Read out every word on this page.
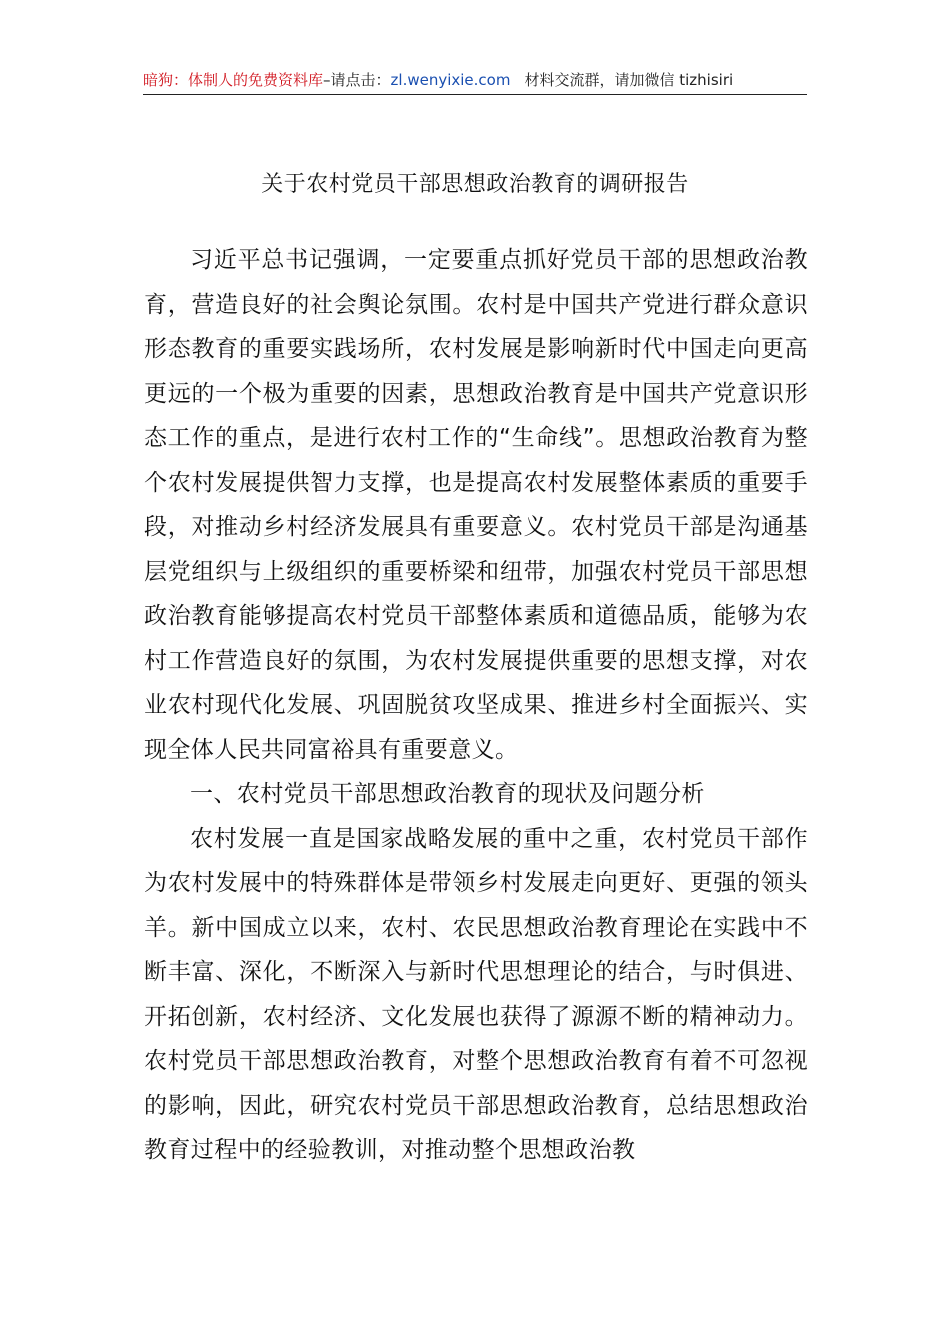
暗狗：体制人的免费资料库–请点击：zl.wenyixie.com 材料交流群，请加微信 tizhisiri
关于农村党员干部思想政治教育的调研报告

习近平总书记强调，一定要重点抓好党员干部的思想政治教育，营造良好的社会舆论氛围。农村是中国共产党进行群众意识形态教育的重要实践场所，农村发展是影响新时代中国走向更高更远的一个极为重要的因素，思想政治教育是中国共产党意识形态工作的重点，是进行农村工作的“生命线”。思想政治教育为整个农村发展提供智力支撑，也是提高农村发展整体素质的重要手段，对推动乡村经济发展具有重要意义。农村党员干部是沟通基层党组织与上级组织的重要桥梁和纽带，加强农村党员干部思想政治教育能够提高农村党员干部整体素质和道德品质，能够为农村工作营造良好的氛围，为农村发展提供重要的思想支撑，对农业农村现代化发展、巩固脱贫攻坚成果、推进乡村全面振兴、实现全体人民共同富裕具有重要意义。

一、农村党员干部思想政治教育的现状及问题分析

农村发展一直是国家战略发展的重中之重，农村党员干部作为农村发展中的特殊群体是带领乡村发展走向更好、更强的领头羊。新中国成立以来，农村、农民思想政治教育理论在实践中不断丰富、深化，不断深入与新时代思想理论的结合，与时俱进、开拓创新，农村经济、文化发展也获得了源源不断的精神动力。农村党员干部思想政治教育，对整个思想政治教育有着不可忽视的影响，因此，研究农村党员干部思想政治教育，总结思想政治教育过程中的经验教训，对推动整个思想政治教
